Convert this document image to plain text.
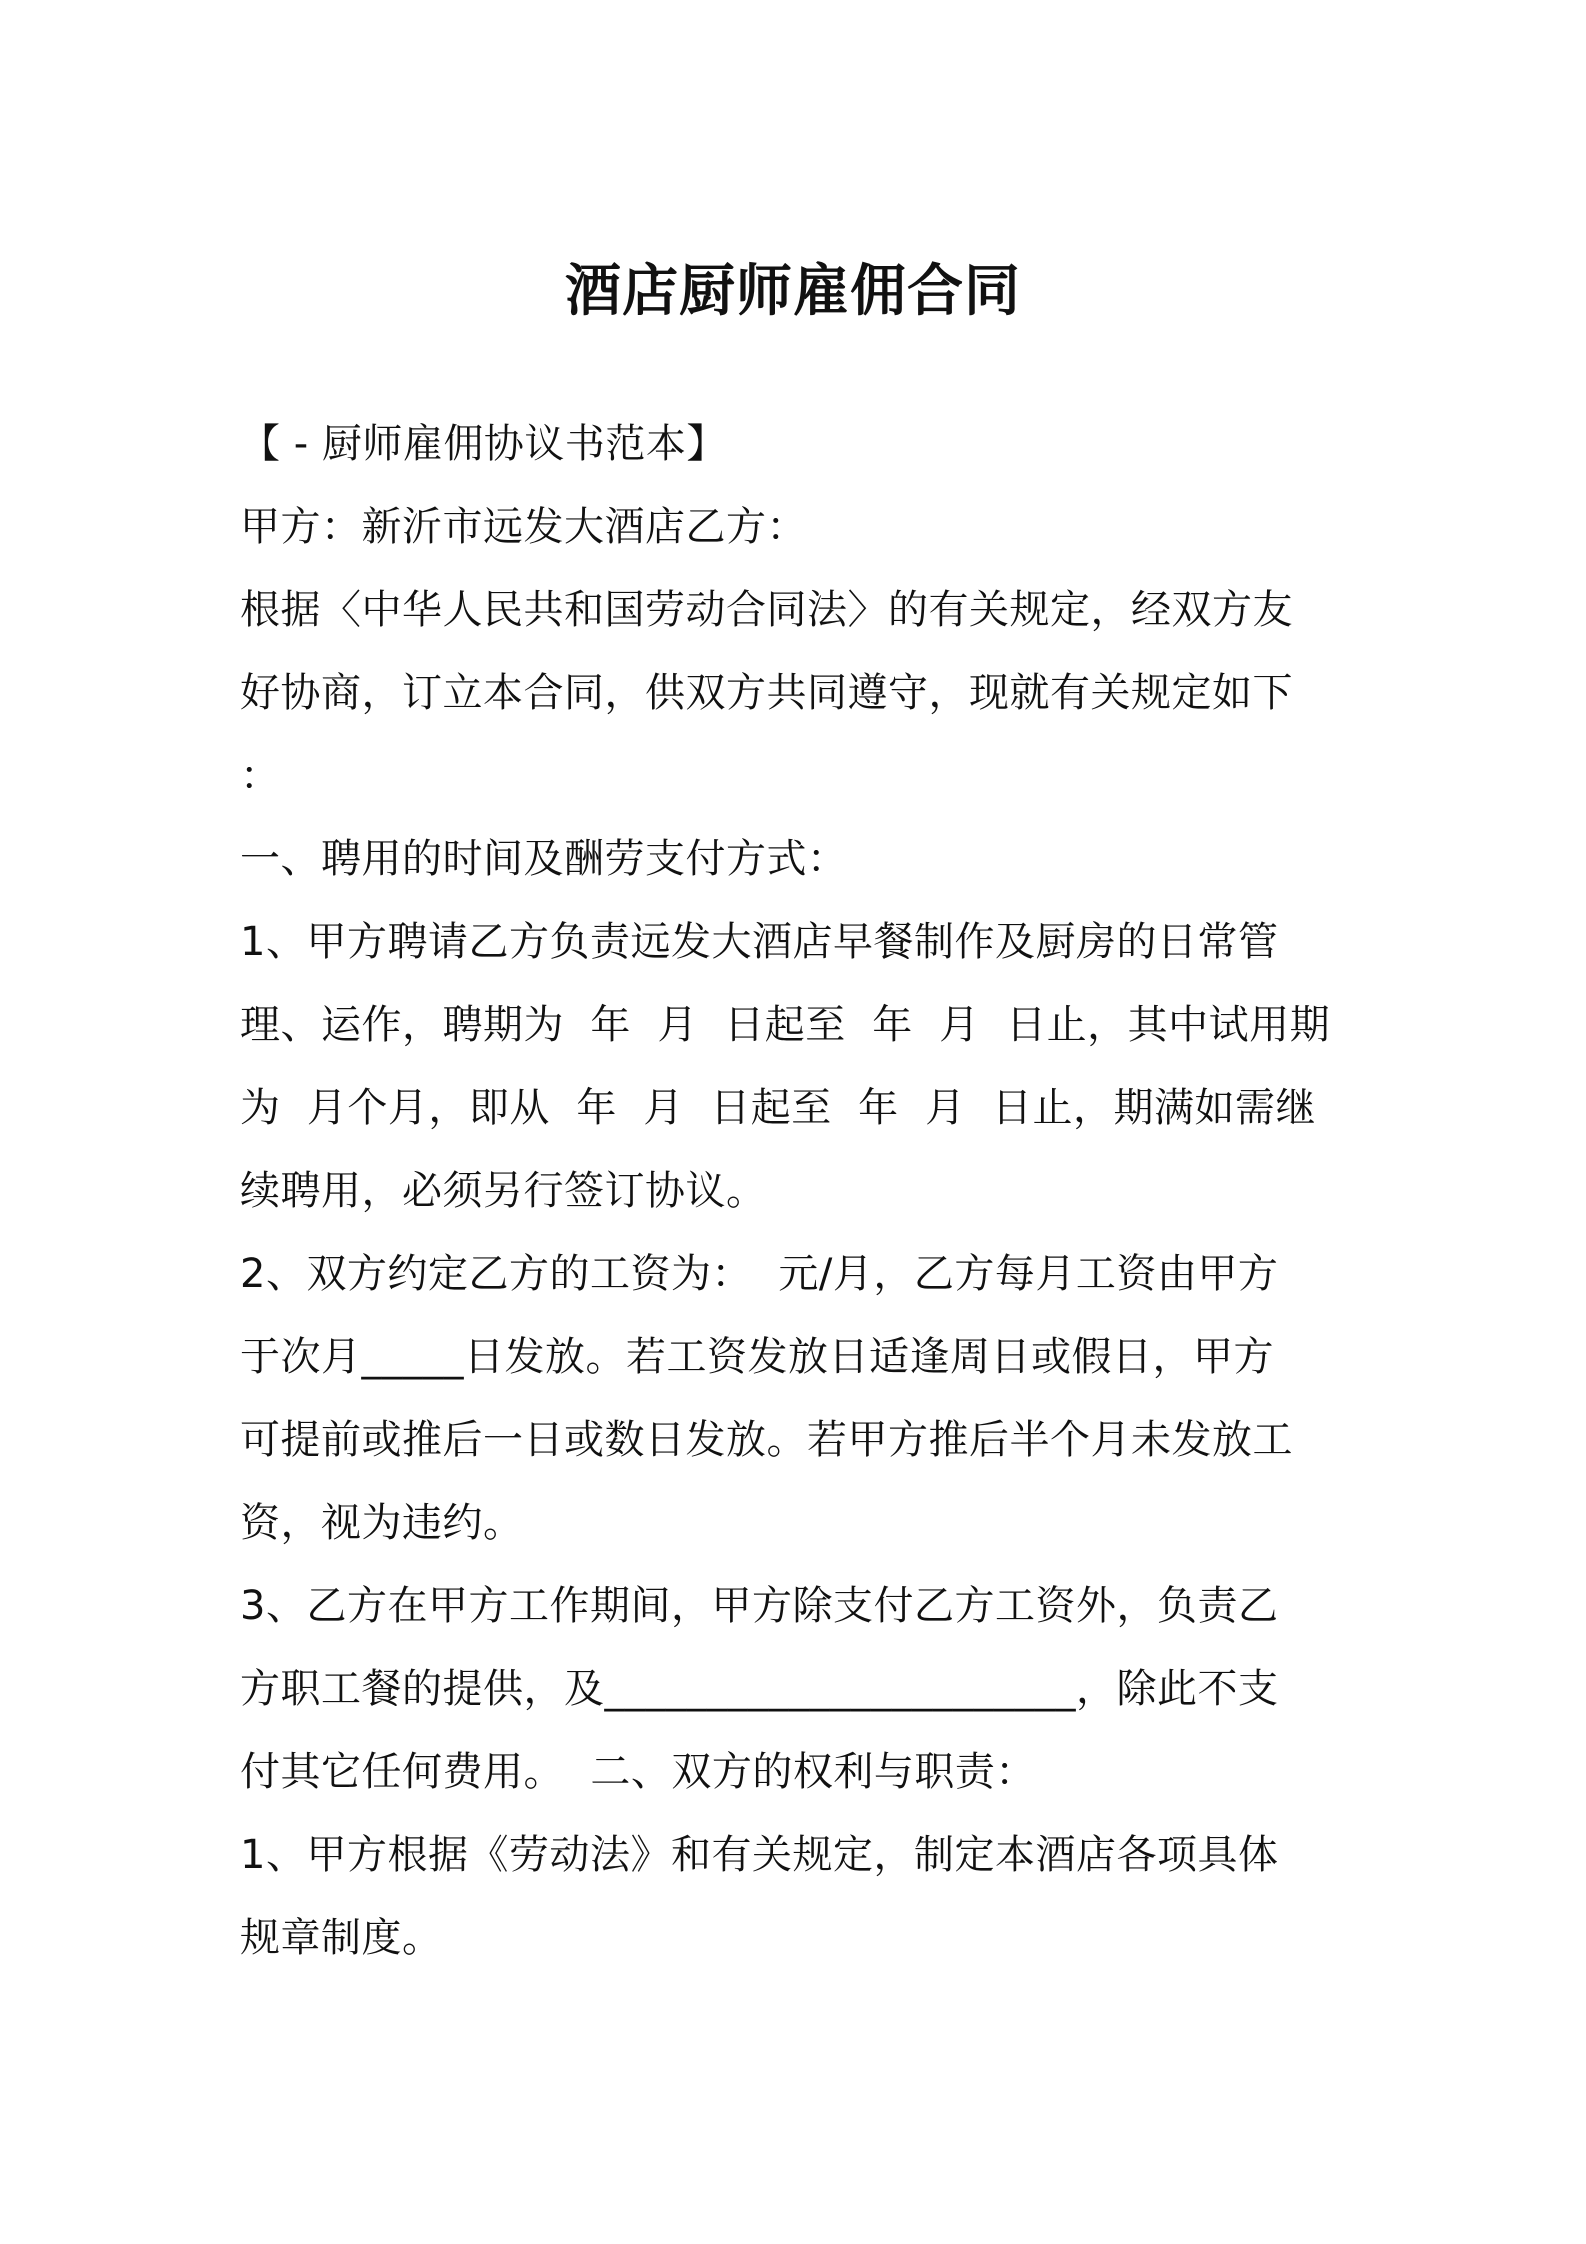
酒店厨师雇佣合同
【 - 厨师雇佣协议书范本】
甲方：新沂市远发大酒店乙方：
根据〈中华人民共和国劳动合同法〉的有关规定，经双方友
好协商，订立本合同，供双方共同遵守，现就有关规定如下
：
一、聘用的时间及酬劳支付方式：
1、甲方聘请乙方负责远发大酒店早餐制作及厨房的日常管
理、运作，聘期为  年  月  日起至  年  月  日止，其中试用期
为  月个月，即从  年  月  日起至  年  月  日止，期满如需继
续聘用，必须另行签订协议。
2、双方约定乙方的工资为：  元/月，乙方每月工资由甲方
于次月_____日发放。若工资发放日适逢周日或假日，甲方
可提前或推后一日或数日发放。若甲方推后半个月未发放工
资，视为违约。
3、乙方在甲方工作期间，甲方除支付乙方工资外，负责乙
方职工餐的提供，及_______________________，除此不支
付其它任何费用。  二、双方的权利与职责：
1、甲方根据《劳动法》和有关规定，制定本酒店各项具体
规章制度。
